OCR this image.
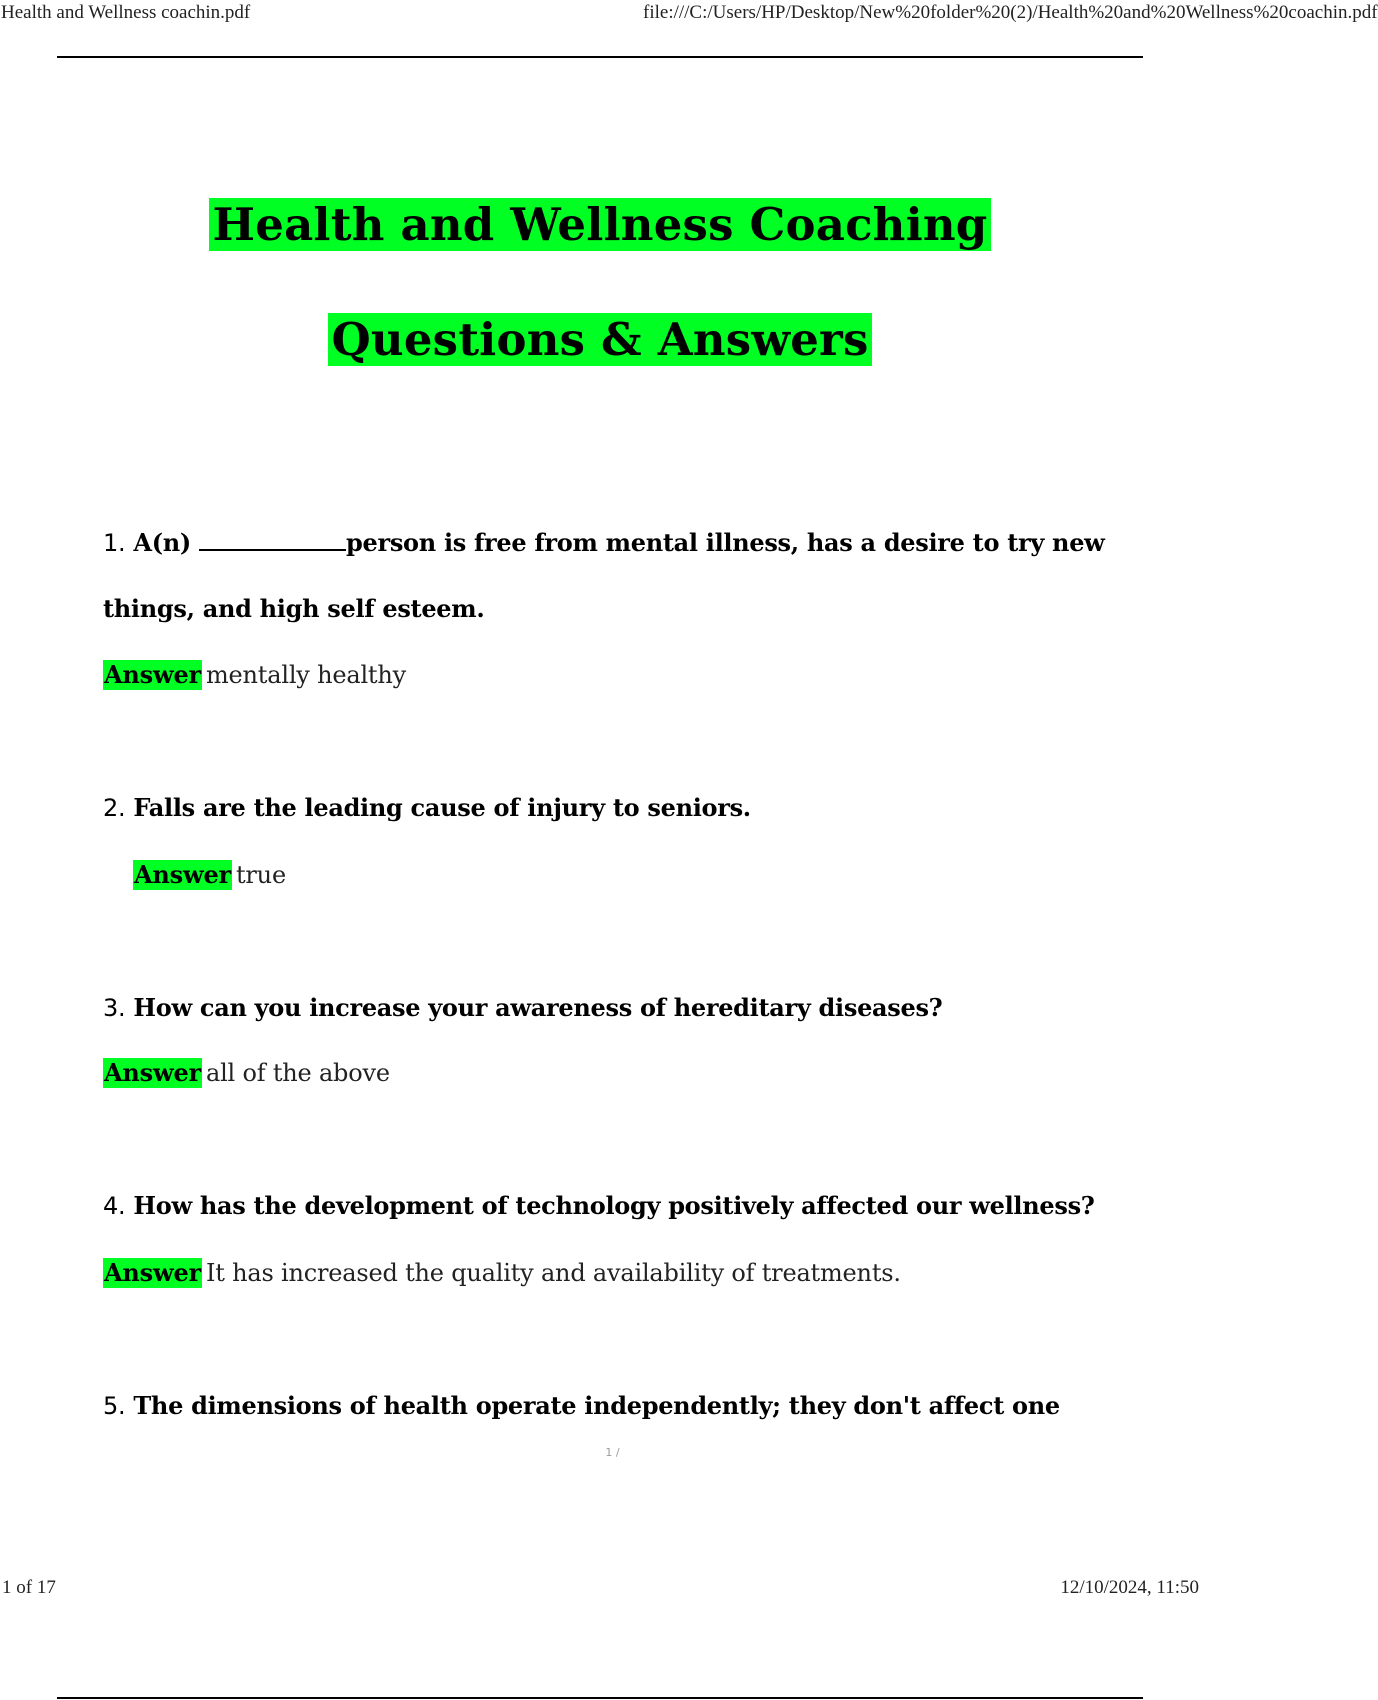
Health and Wellness coachin.pdf	file:///C:/Users/HP/Desktop/New%20folder%20(2)/Health%20and%20Wellness%20coachin.pdf
Health and Wellness Coaching
Questions & Answers
1. A(n)	person is free from mental illness, has a desire to try new things, and high self esteem.
Answer mentally healthy
2. Falls are the leading cause of injury to seniors.
Answer true
3. How can you increase your awareness of hereditary diseases?
Answer all of the above
4. How has the development of technology positively affected our wellness?
Answer It has increased the quality and availability of treatments.
5. The dimensions of health operate independently; they don't affect one
1 /
1 of 17	12/10/2024, 11:50
